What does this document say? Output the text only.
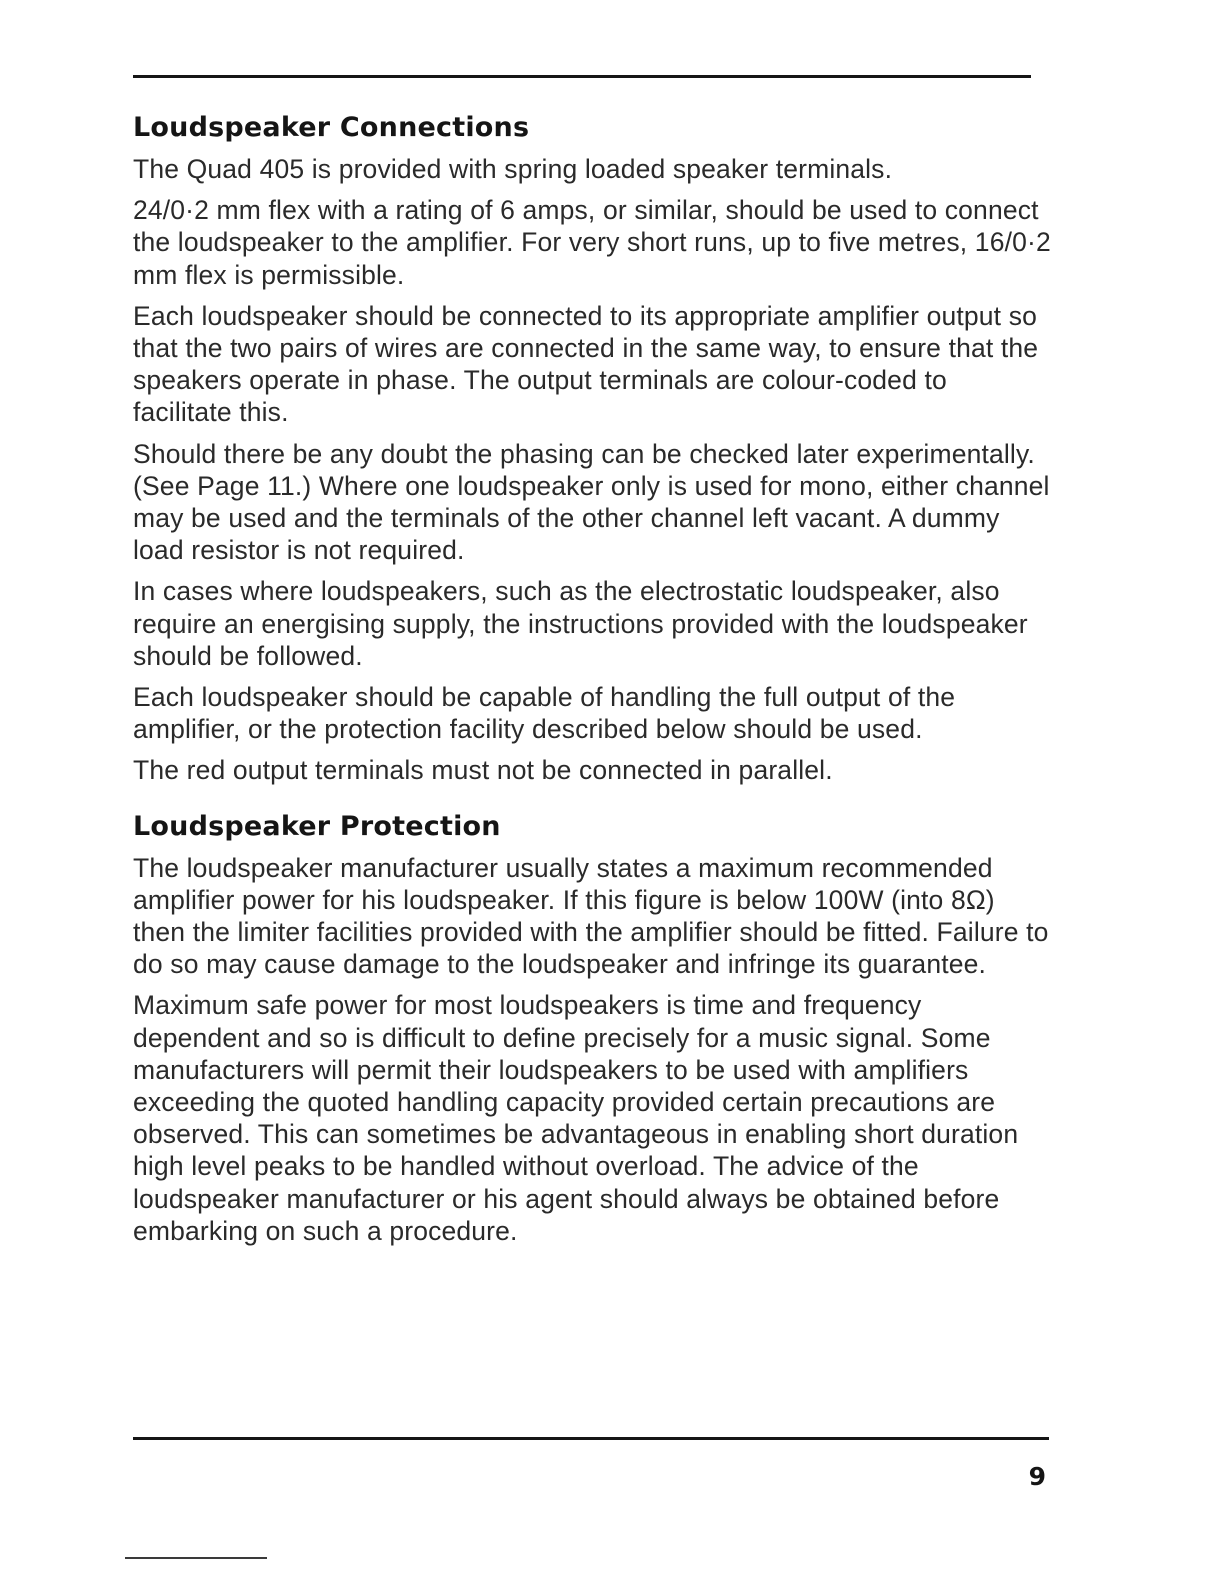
Loudspeaker Connections

The Quad 405 is provided with spring loaded speaker terminals.

24/0·2 mm flex with a rating of 6 amps, or similar, should be used to connect the loudspeaker to the amplifier. For very short runs, up to five metres, 16/0·2 mm flex is permissible.

Each loudspeaker should be connected to its appropriate amplifier output so that the two pairs of wires are connected in the same way, to ensure that the speakers operate in phase. The output terminals are colour-coded to facilitate this.

Should there be any doubt the phasing can be checked later experimentally. (See Page 11.) Where one loudspeaker only is used for mono, either channel may be used and the terminals of the other channel left vacant. A dummy load resistor is not required.

In cases where loudspeakers, such as the electrostatic loudspeaker, also require an energising supply, the instructions provided with the loudspeaker should be followed.

Each loudspeaker should be capable of handling the full output of the amplifier, or the protection facility described below should be used.

The red output terminals must not be connected in parallel.

Loudspeaker Protection

The loudspeaker manufacturer usually states a maximum recommended amplifier power for his loudspeaker. If this figure is below 100W (into 8Ω) then the limiter facilities provided with the amplifier should be fitted. Failure to do so may cause damage to the loudspeaker and infringe its guarantee.

Maximum safe power for most loudspeakers is time and frequency dependent and so is difficult to define precisely for a music signal. Some manufacturers will permit their loudspeakers to be used with amplifiers exceeding the quoted handling capacity provided certain precautions are observed. This can sometimes be advantageous in enabling short duration high level peaks to be handled without overload. The advice of the loudspeaker manufacturer or his agent should always be obtained before embarking on such a procedure.

9
